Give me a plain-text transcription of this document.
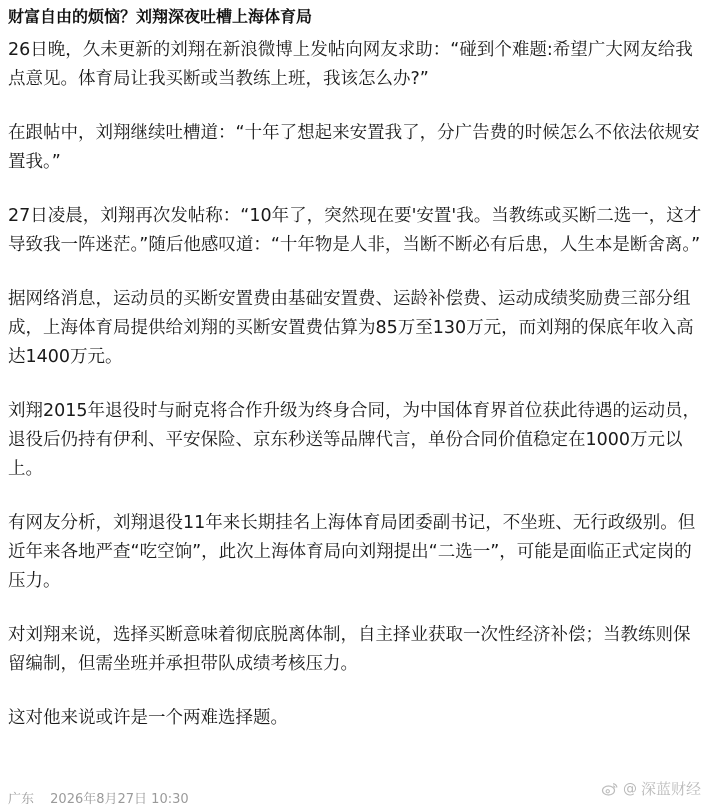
财富自由的烦恼？刘翔深夜吐槽上海体育局

26日晚，久未更新的刘翔在新浪微博上发帖向网友求助：“碰到个难题:希望广大网友给我点意见。体育局让我买断或当教练上班，我该怎么办?”

在跟帖中，刘翔继续吐槽道：“十年了想起来安置我了，分广告费的时候怎么不依法依规安置我。”

27日凌晨，刘翔再次发帖称：“10年了，突然现在要'安置'我。当教练或买断二选一，这才导致我一阵迷茫。”随后他感叹道：“十年物是人非，当断不断必有后患，人生本是断舍离。”

据网络消息，运动员的买断安置费由基础安置费、运龄补偿费、运动成绩奖励费三部分组成，上海体育局提供给刘翔的买断安置费估算为85万至130万元，而刘翔的保底年收入高达1400万元。

刘翔2015年退役时与耐克将合作升级为终身合同，为中国体育界首位获此待遇的运动员，退役后仍持有伊利、平安保险、京东秒送等品牌代言，单份合同价值稳定在1000万元以上。

有网友分析，刘翔退役11年来长期挂名上海体育局团委副书记，不坐班、无行政级别。但近年来各地严查“吃空饷”，此次上海体育局向刘翔提出“二选一”，可能是面临正式定岗的压力。

对刘翔来说，选择买断意味着彻底脱离体制，自主择业获取一次性经济补偿；当教练则保留编制，但需坐班并承担带队成绩考核压力。

这对他来说或许是一个两难选择题。

广东 2026年8月27日 10:30
@ 深蓝财经
